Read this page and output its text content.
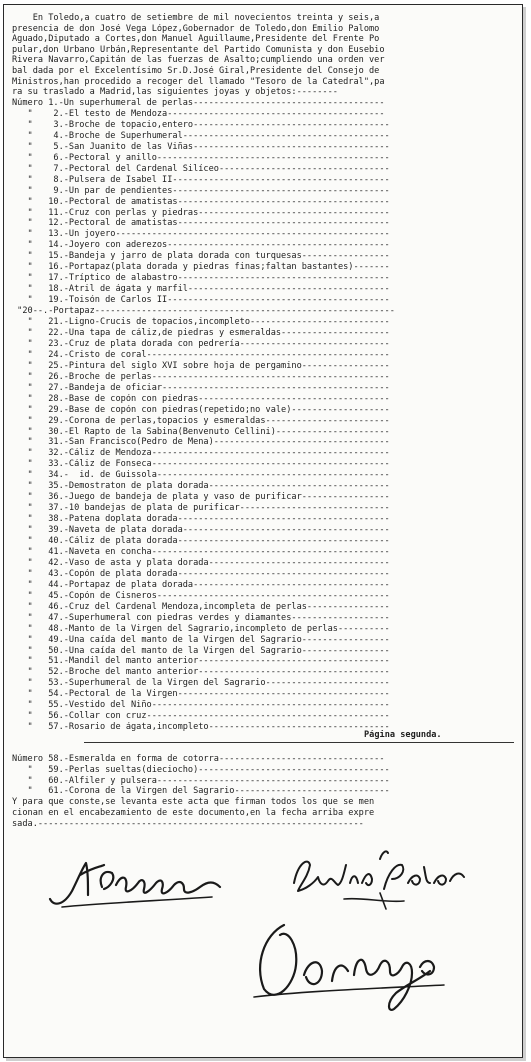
En Toledo,a cuatro de setiembre de mil novecientos treinta y seis,a
presencia de don José Vega López,Gobernador de Toledo,don Emilio Palomo
Aguado,Diputado a Cortes,don Manuel Aguillaume,Presidente del Frente Po
pular,don Urbano Urbán,Representante del Partido Comunista y don Eusebio
Rivera Navarro,Capitán de las fuerzas de Asalto;cumpliendo una orden ver
bal dada por el Excelentísimo Sr.D.José Giral,Presidente del Consejo de
Ministros,han procedido a recoger del llamado "Tesoro de la Catedral",pa
ra su traslado a Madrid,las siguientes joyas y objetos:--------
Número 1.-Un superhumeral de perlas-------------------------------------
"    2.-El testo de Mendoza------------------------------------------
"    3.-Broche de topacio,entero--------------------------------------
"    4.-Broche de Superhumeral----------------------------------------
"    5.-San Juanito de las Viñas--------------------------------------
"    6.-Pectoral y anillo---------------------------------------------
"    7.-Pectoral del Cardenal Silíceo---------------------------------
"    8.-Pulsera de Isabel II------------------------------------------
"    9.-Un par de pendientes------------------------------------------
"   10.-Pectoral de amatistas-----------------------------------------
"   11.-Cruz con perlas y piedras-------------------------------------
"   12.-Pectoral de amatistas-----------------------------------------
"   13.-Un joyero-----------------------------------------------------
"   14.-Joyero con aderezos-------------------------------------------
"   15.-Bandeja y jarro de plata dorada con turquesas-----------------
"   16.-Portapaz(plata dorada y piedras finas;faltan bastantes)-------
"   17.-Tríptico de alabastro-----------------------------------------
"   18.-Atril de ágata y marfil---------------------------------------
"   19.-Toisón de Carlos II-------------------------------------------
"20--.-Portapaz----------------------------------------------------------
"   21.-Ligno-Crucis de topacios,incompleto---------------------------
"   22.-Una tapa de cáliz,de piedras y esmeraldas---------------------
"   23.-Cruz de plata dorada con pedrería-----------------------------
"   24.-Cristo de coral-----------------------------------------------
"   25.-Pintura del siglo XVI sobre hoja de pergamino-----------------
"   26.-Broche de perlas----------------------------------------------
"   27.-Bandeja de oficiar--------------------------------------------
"   28.-Base de copón con piedras-------------------------------------
"   29.-Base de copón con piedras(repetido;no vale)-------------------
"   29.-Corona de perlas,topacios y esmeraldas------------------------
"   30.-El Rapto de la Sabina(Benvenuto Cellini)----------------------
"   31.-San Francisco(Pedro de Mena)----------------------------------
"   32.-Cáliz de Mendoza----------------------------------------------
"   33.-Cáliz de Fonseca----------------------------------------------
"   34.-  id. de Guissola---------------------------------------------
"   35.-Demostraton de plata dorada-----------------------------------
"   36.-Juego de bandeja de plata y vaso de purificar-----------------
"   37.-10 bandejas de plata de purificar-----------------------------
"   38.-Patena doplata dorada-----------------------------------------
"   39.-Naveta de plata dorada----------------------------------------
"   40.-Cáliz de plata dorada-----------------------------------------
"   41.-Naveta en concha----------------------------------------------
"   42.-Vaso de asta y plata dorada-----------------------------------
"   43.-Copón de plata dorada-----------------------------------------
"   44.-Portapaz de plata dorada--------------------------------------
"   45.-Copón de Cisneros---------------------------------------------
"   46.-Cruz del Cardenal Mendoza,incompleta de perlas----------------
"   47.-Superhumeral con piedras verdes y diamantes-------------------
"   48.-Manto de la Virgen del Sagrario,incompleto de perlas----------
"   49.-Una caída del manto de la Virgen del Sagrario-----------------
"   50.-Una caída del manto de la Virgen del Sagrario-----------------
"   51.-Mandil del manto anterior-------------------------------------
"   52.-Broche del manto anterior-------------------------------------
"   53.-Superhumeral de la Virgen del Sagrario------------------------
"   54.-Pectoral de la Virgen-----------------------------------------
"   55.-Vestido del Niño----------------------------------------------
"   56.-Collar con cruz-----------------------------------------------
"   57.-Rosario de ágata,incompleto-----------------------------------
Página segunda.
Número 58.-Esmeralda en forma de cotorra--------------------------------
"   59.-Perlas sueltas(dieciocho)-------------------------------------
"   60.-Alfiler y pulsera---------------------------------------------
"   61.-Corona de la Virgen del Sagrario------------------------------
Y para que conste,se levanta este acta que firman todos los que se men
cionan en el encabezamiento de este documento,en la fecha arriba expre
sada.---------------------------------------------------------------
